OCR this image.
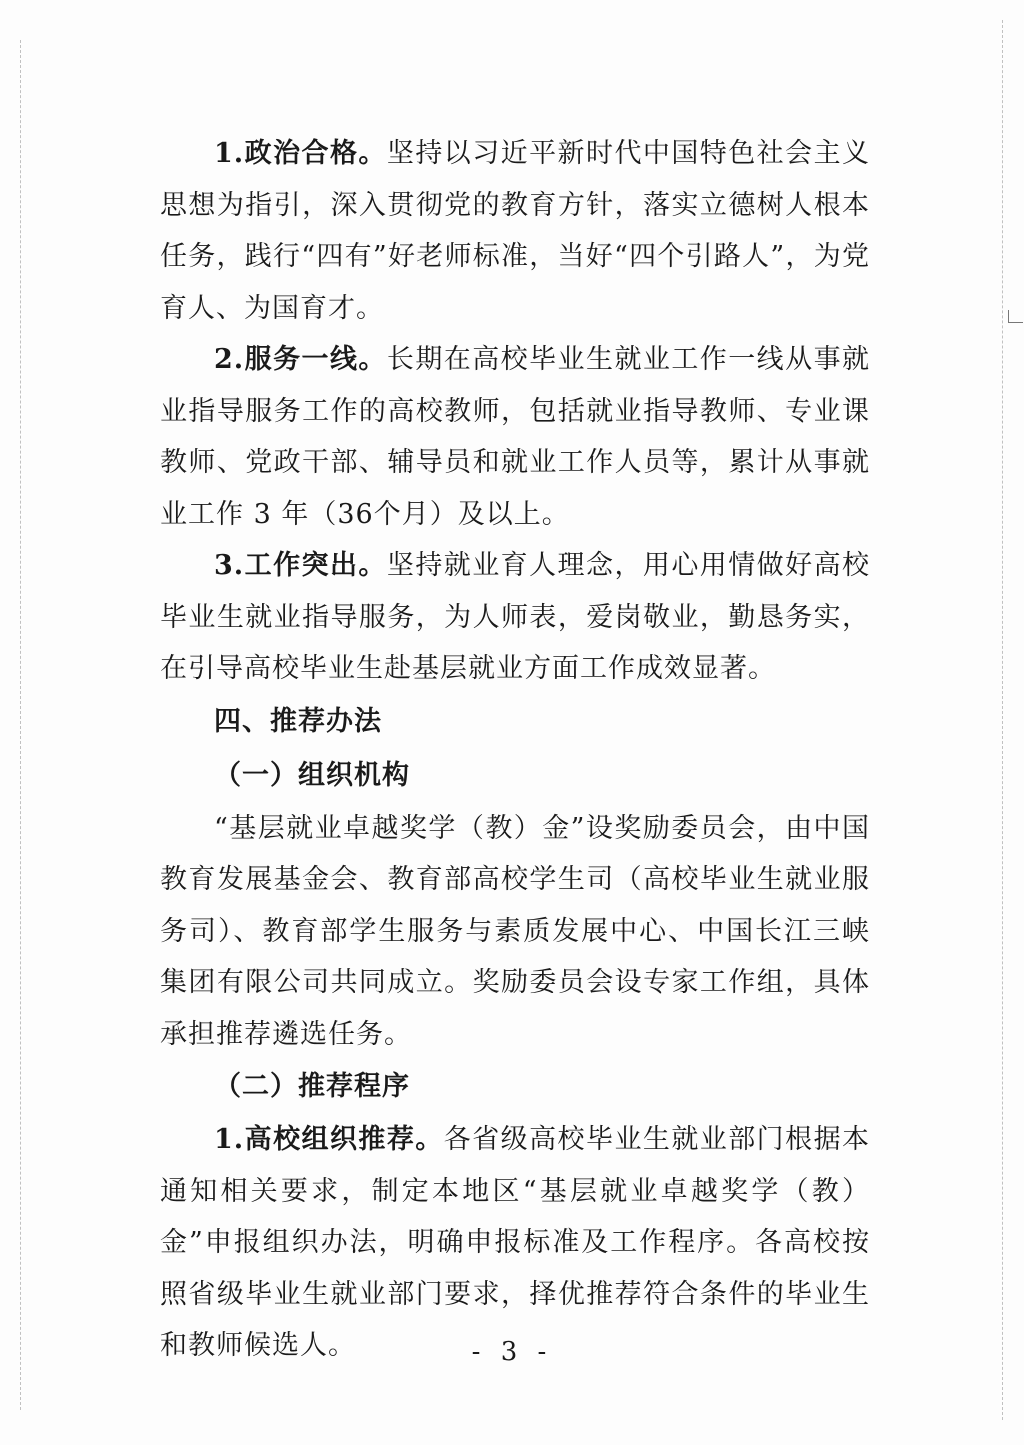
1.政治合格。坚持以习近平新时代中国特色社会主义思想为指引，深入贯彻党的教育方针，落实立德树人根本任务，践行“四有”好老师标准，当好“四个引路人”，为党育人、为国育才。

2.服务一线。长期在高校毕业生就业工作一线从事就业指导服务工作的高校教师，包括就业指导教师、专业课教师、党政干部、辅导员和就业工作人员等，累计从事就业工作 3 年（36个月）及以上。

3.工作突出。坚持就业育人理念，用心用情做好高校毕业生就业指导服务，为人师表，爱岗敬业，勤恳务实，在引导高校毕业生赴基层就业方面工作成效显著。

四、推荐办法

（一）组织机构

“基层就业卓越奖学（教）金”设奖励委员会，由中国教育发展基金会、教育部高校学生司（高校毕业生就业服务司）、教育部学生服务与素质发展中心、中国长江三峡集团有限公司共同成立。奖励委员会设专家工作组，具体承担推荐遴选任务。

（二）推荐程序

1.高校组织推荐。各省级高校毕业生就业部门根据本通知相关要求，制定本地区“基层就业卓越奖学（教）金”申报组织办法，明确申报标准及工作程序。各高校按照省级毕业生就业部门要求，择优推荐符合条件的毕业生和教师候选人。	- 3 -
